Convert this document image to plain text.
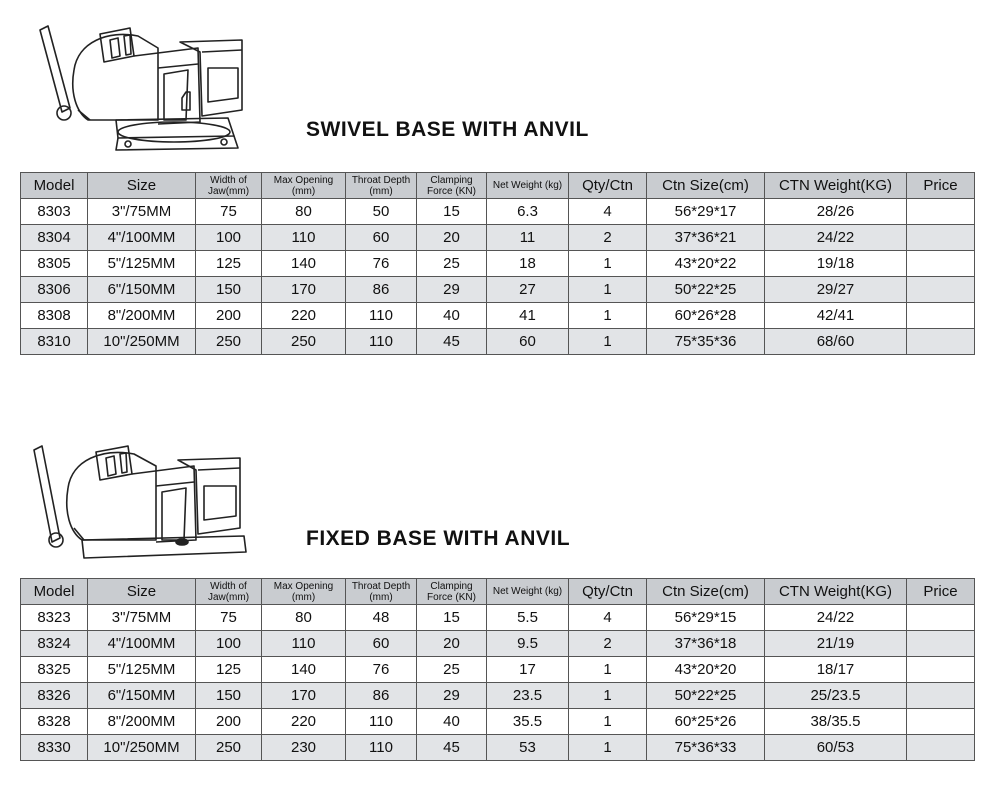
SWIVEL BASE WITH ANVIL
Model	Size	Width of Jaw(mm)	Max Opening (mm)	Throat Depth (mm)	Clamping Force (KN)	Net Weight (kg)	Qty/Ctn	Ctn Size(cm)	CTN Weight(KG)	Price
8303	3"/75MM	75	80	50	15	6.3	4	56*29*17	28/26	
8304	4"/100MM	100	110	60	20	11	2	37*36*21	24/22	
8305	5"/125MM	125	140	76	25	18	1	43*20*22	19/18	
8306	6"/150MM	150	170	86	29	27	1	50*22*25	29/27	
8308	8"/200MM	200	220	110	40	41	1	60*26*28	42/41	
8310	10"/250MM	250	250	110	45	60	1	75*35*36	68/60	
FIXED BASE WITH ANVIL
Model	Size	Width of Jaw(mm)	Max Opening (mm)	Throat Depth (mm)	Clamping Force (KN)	Net Weight (kg)	Qty/Ctn	Ctn Size(cm)	CTN Weight(KG)	Price
8323	3"/75MM	75	80	48	15	5.5	4	56*29*15	24/22	
8324	4"/100MM	100	110	60	20	9.5	2	37*36*18	21/19	
8325	5"/125MM	125	140	76	25	17	1	43*20*20	18/17	
8326	6"/150MM	150	170	86	29	23.5	1	50*22*25	25/23.5	
8328	8"/200MM	200	220	110	40	35.5	1	60*25*26	38/35.5	
8330	10"/250MM	250	230	110	45	53	1	75*36*33	60/53	
